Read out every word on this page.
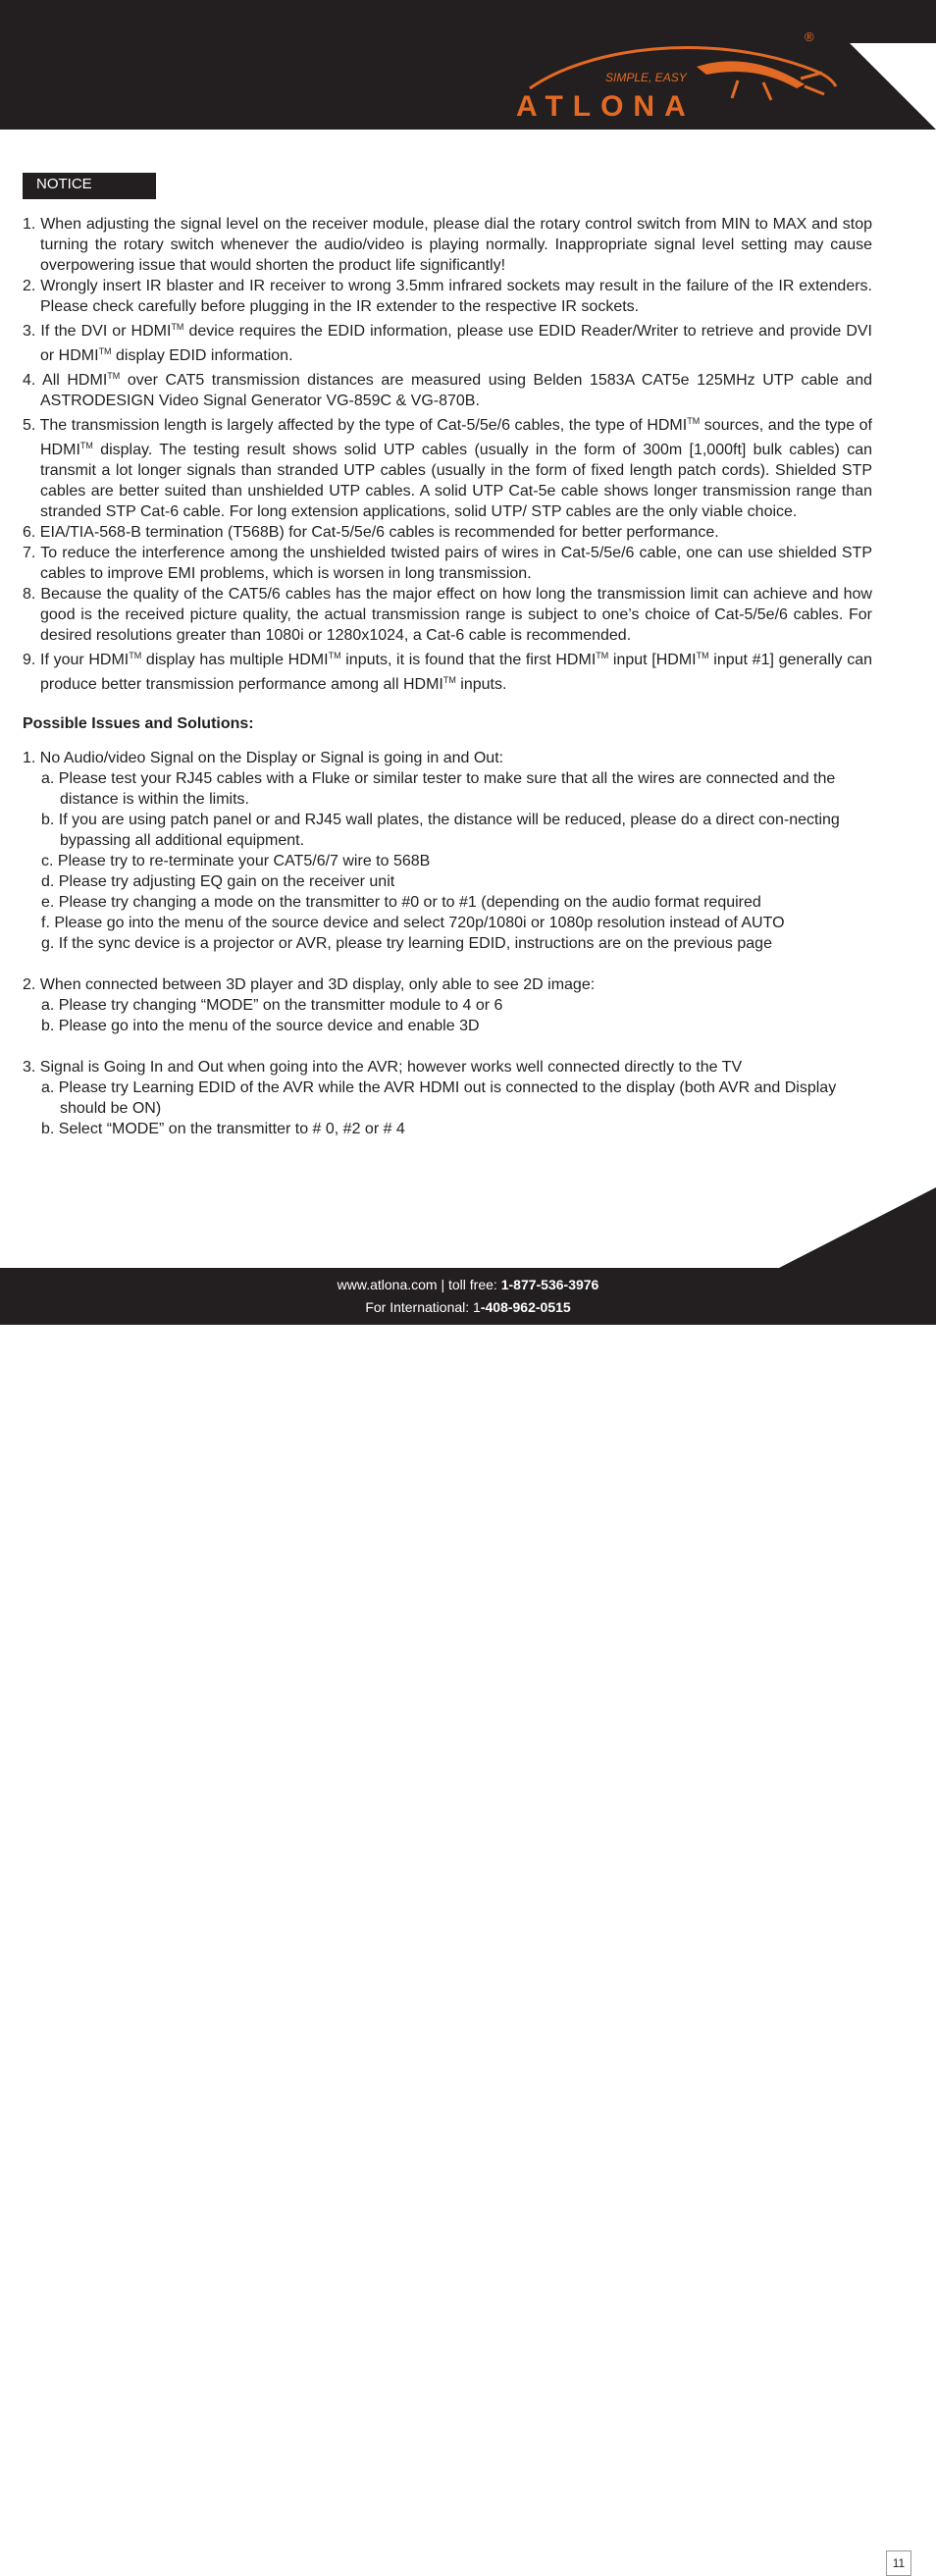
ATLONA
®
SIMPLE, EASY
NOTICE
1. When adjusting the signal level on the receiver module, please dial the rotary control switch from MIN to MAX and stop turning the rotary switch whenever the audio/video is playing normally. Inappropriate signal level setting may cause overpowering issue that would shorten the product life significantly!
2. Wrongly insert IR blaster and IR receiver to wrong 3.5mm infrared sockets may result in the failure of the IR extenders. Please check carefully before plugging in the IR extender to the respective IR sockets.
3. If the DVI or HDMI™ device requires the EDID information, please use EDID Reader/Writer to retrieve and provide DVI or HDMI™ display EDID information.
4. All HDMI™ over CAT5 transmission distances are measured using Belden 1583A CAT5e 125MHz UTP cable and ASTRODESIGN Video Signal Generator VG-859C & VG-870B.
5. The transmission length is largely affected by the type of Cat-5/5e/6 cables, the type of HDMI™ sources, and the type of HDMI™ display. The testing result shows solid UTP cables (usually in the form of 300m [1,000ft] bulk cables) can transmit a lot longer signals than stranded UTP cables (usually in the form of fixed length patch cords). Shielded STP cables are better suited than unshielded UTP cables. A solid UTP Cat-5e cable shows longer transmission range than stranded STP Cat-6 cable. For long extension applications, solid UTP/ STP cables are the only viable choice.
6. EIA/TIA-568-B termination (T568B) for Cat-5/5e/6 cables is recommended for better performance.
7. To reduce the interference among the unshielded twisted pairs of wires in Cat-5/5e/6 cable, one can use shielded STP cables to improve EMI problems, which is worsen in long transmission.
8. Because the quality of the CAT5/6 cables has the major effect on how long the transmission limit can achieve and how good is the received picture quality, the actual transmission range is subject to one’s choice of Cat-5/5e/6 cables. For desired resolutions greater than 1080i or 1280x1024, a Cat-6 cable is recommended.
9. If your HDMI™ display has multiple HDMI™ inputs, it is found that the first HDMI™ input [HDMI™ input #1] generally can produce better transmission performance among all HDMI™ inputs.
Possible Issues and Solutions:
1. No Audio/video Signal on the Display or Signal is going in and Out:
a. Please test your RJ45 cables with a Fluke or similar tester to make sure that all the wires are connected and the distance is within the limits.
b. If you are using patch panel or and RJ45 wall plates, the distance will be reduced, please do a direct con-necting bypassing all additional equipment.
c. Please try to re-terminate your CAT5/6/7 wire to 568B
d. Please try adjusting EQ gain on the receiver unit
e. Please try changing a mode on the transmitter to #0 or to #1 (depending on the audio format required
f. Please go into the menu of the source device and select 720p/1080i or 1080p resolution instead of AUTO
g. If the sync device is a projector or AVR, please try learning EDID, instructions are on the previous page
2. When connected between 3D player and 3D display, only able to see 2D image:
a. Please try changing “MODE” on the transmitter module to 4 or 6
b. Please go into the menu of the source device and enable 3D
3. Signal is Going In and Out when going into the AVR; however works well connected directly to the TV
a. Please try Learning EDID of the AVR while the AVR HDMI out is connected to the display (both AVR and Display should be ON)
b. Select “MODE” on the transmitter to # 0, #2 or # 4
www.atlona.com | toll free: 1-877-536-3976
For International: 1-408-962-0515
11
